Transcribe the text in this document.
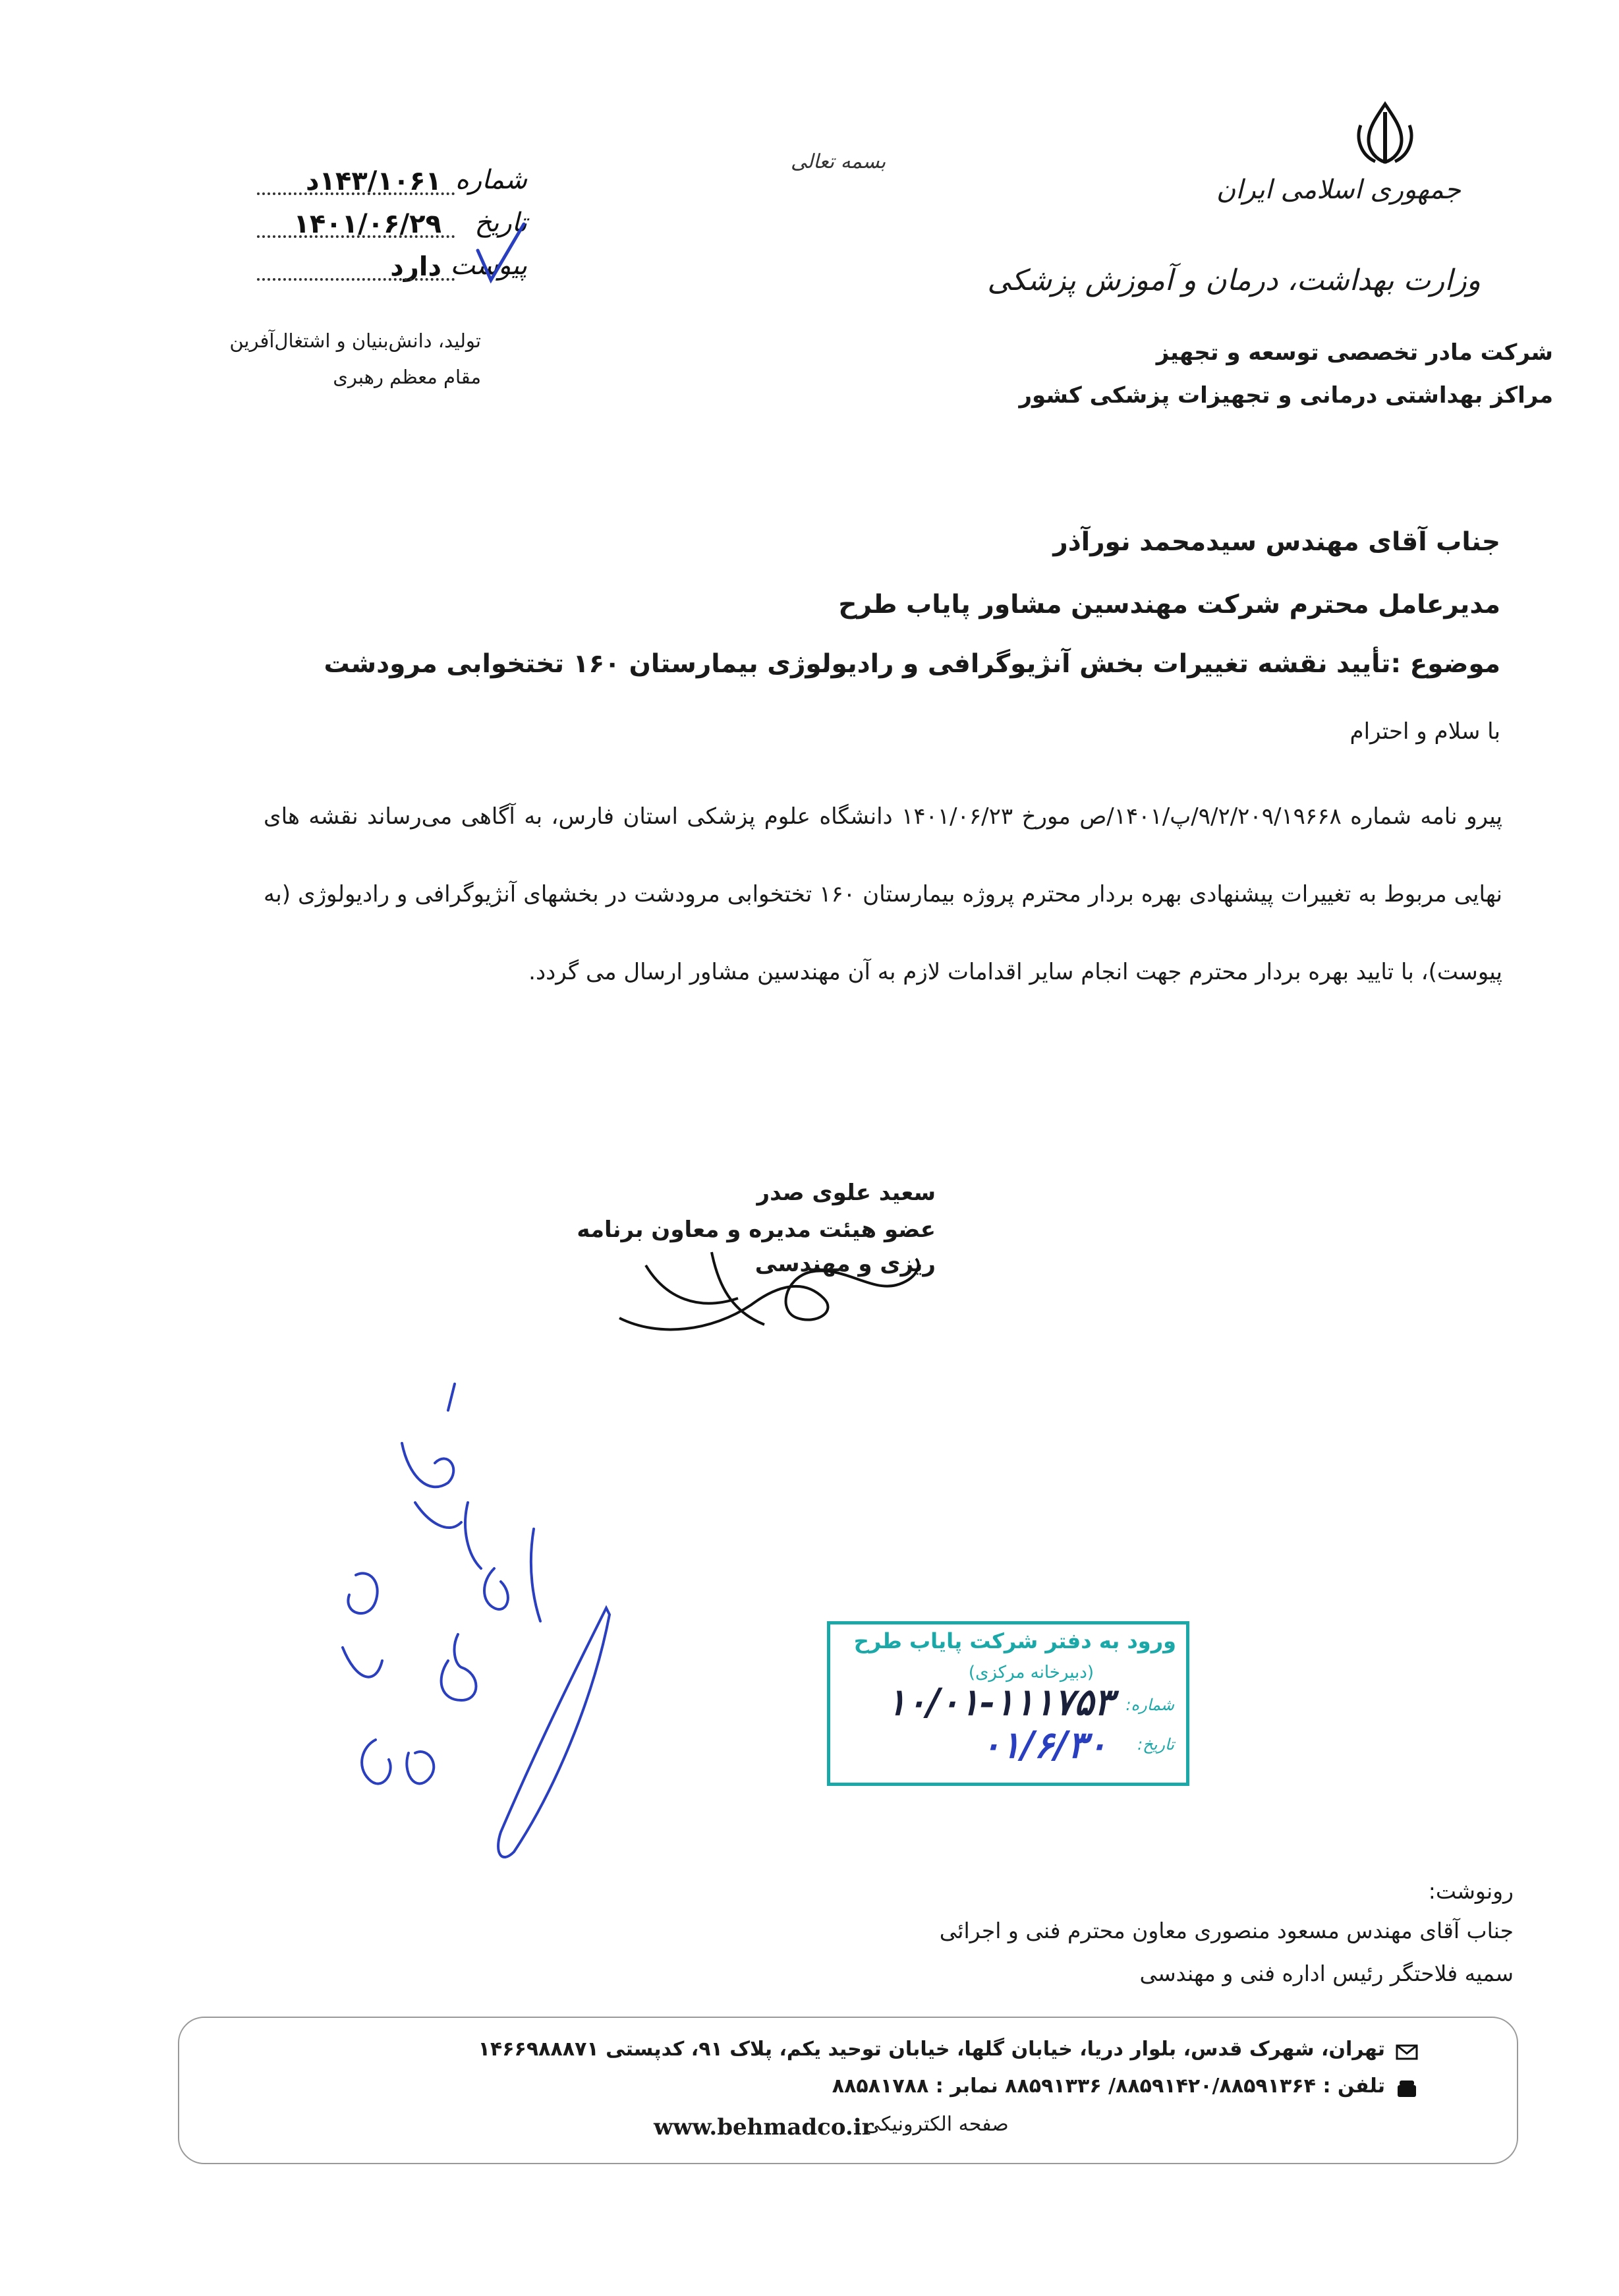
جمهوری اسلامی ایران
وزارت بهداشت، درمان و آموزش پزشکی
شرکت مادر تخصصی توسعه و تجهیز
مراکز بهداشتی درمانی و تجهیزات پزشکی کشور
بسمه تعالی
شماره
۱۴۳/۱۰۶۱د
تاریخ
۱۴۰۱/۰۶/۲۹
پیوست
دارد
تولید، دانش‌بنیان و اشتغال‌آفرین
مقام معظم رهبری
جناب آقای مهندس سیدمحمد نورآذر
مدیرعامل محترم شرکت مهندسین مشاور پایاب طرح
موضوع :تأیید نقشه تغییرات بخش آنژیوگرافی و رادیولوژی بیمارستان ۱۶۰ تختخوابی مرودشت
با سلام و احترام
پیرو نامه شماره ۹/۲/۲۰۹/۱۹۶۶۸/پ/۱۴۰۱/ص مورخ ۱۴۰۱/۰۶/۲۳ دانشگاه علوم پزشکی استان فارس، به آگاهی می‌رساند نقشه های نهایی مربوط به تغییرات پیشنهادی بهره بردار محترم پروژه بیمارستان ۱۶۰ تختخوابی مرودشت در بخشهای آنژیوگرافی و رادیولوژی (به پیوست)، با تایید بهره بردار محترم جهت انجام سایر اقدامات لازم به آن مهندسین مشاور ارسال می گردد.
سعید علوی صدر
عضو هیئت مدیره و معاون برنامه ریزی و مهندسی
ورود به دفتر شرکت پایاب طرح
(دبیرخانه مرکزی)
شماره:
۱۰/۰۱-۱۱۱۷۵۳
تاریخ:
۰۱/۶/۳۰
رونوشت:
جناب آقای مهندس مسعود منصوری معاون محترم فنی و اجرائی
سمیه فلاحتگر رئیس اداره فنی و مهندسی
تهران، شهرک قدس، بلوار دریا، خیابان گلها، خیابان توحید یکم، پلاک ۹۱، کدپستی ۱۴۶۶۹۸۸۸۷۱
تلفن : ۸۸۵۹۱۴۲۰/۸۸۵۹۱۳۶۴/ ۸۸۵۹۱۳۳۶ نمابر : ۸۸۵۸۱۷۸۸
صفحه الکترونیکی
www.behmadco.ir
